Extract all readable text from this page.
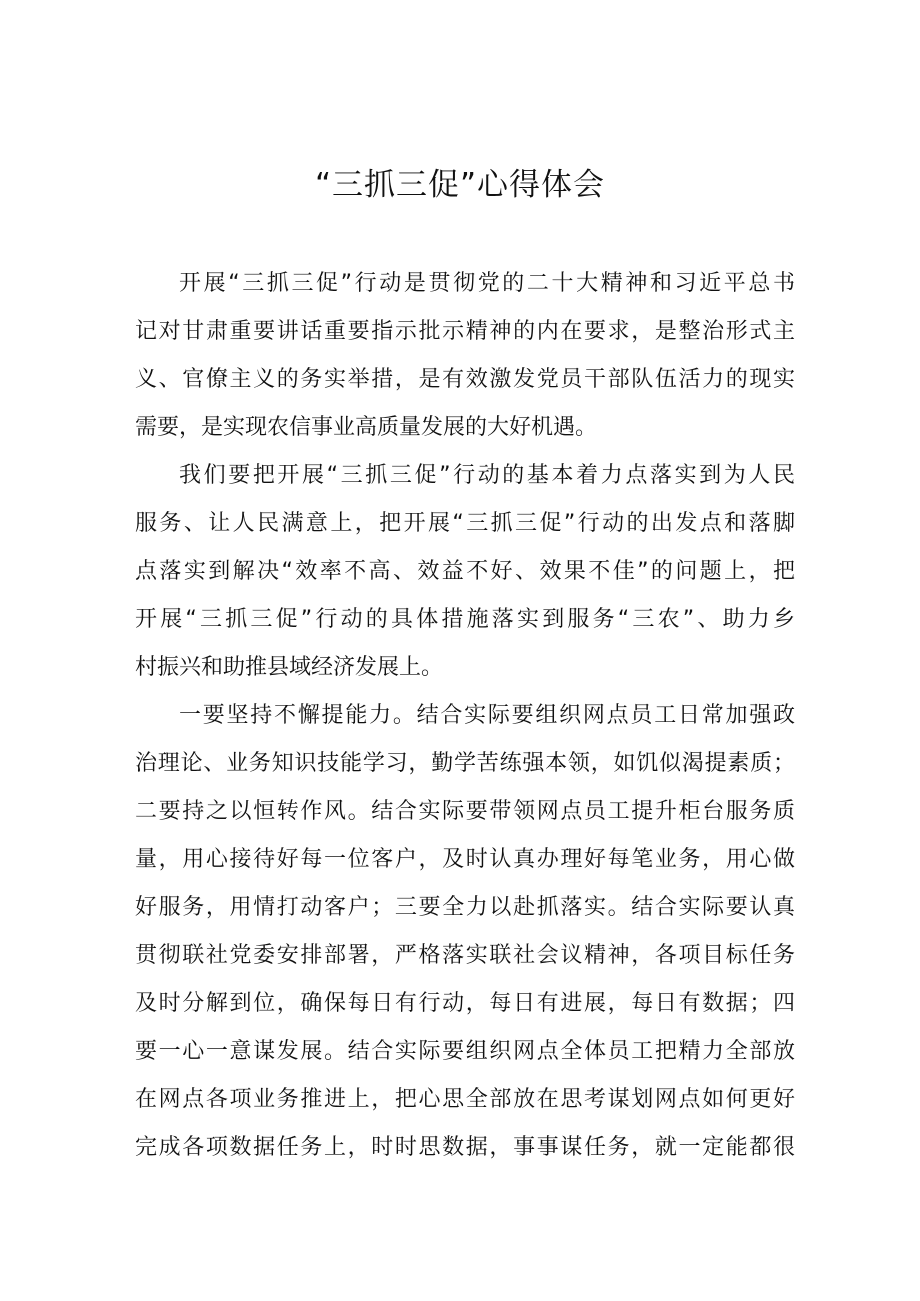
“三抓三促”心得体会

开展“三抓三促”行动是贯彻党的二十大精神和习近平总书
记对甘肃重要讲话重要指示批示精神的内在要求，是整治形式主
义、官僚主义的务实举措，是有效激发党员干部队伍活力的现实
需要，是实现农信事业高质量发展的大好机遇。

我们要把开展“三抓三促”行动的基本着力点落实到为人民
服务、让人民满意上，把开展“三抓三促”行动的出发点和落脚
点落实到解决“效率不高、效益不好、效果不佳”的问题上，把
开展“三抓三促”行动的具体措施落实到服务“三农”、助力乡
村振兴和助推县域经济发展上。

一要坚持不懈提能力。结合实际要组织网点员工日常加强政
治理论、业务知识技能学习，勤学苦练强本领，如饥似渴提素质；
二要持之以恒转作风。结合实际要带领网点员工提升柜台服务质
量，用心接待好每一位客户，及时认真办理好每笔业务，用心做
好服务，用情打动客户；三要全力以赴抓落实。结合实际要认真
贯彻联社党委安排部署，严格落实联社会议精神，各项目标任务
及时分解到位，确保每日有行动，每日有进展，每日有数据；四
要一心一意谋发展。结合实际要组织网点全体员工把精力全部放
在网点各项业务推进上，把心思全部放在思考谋划网点如何更好
完成各项数据任务上，时时思数据，事事谋任务，就一定能都很
